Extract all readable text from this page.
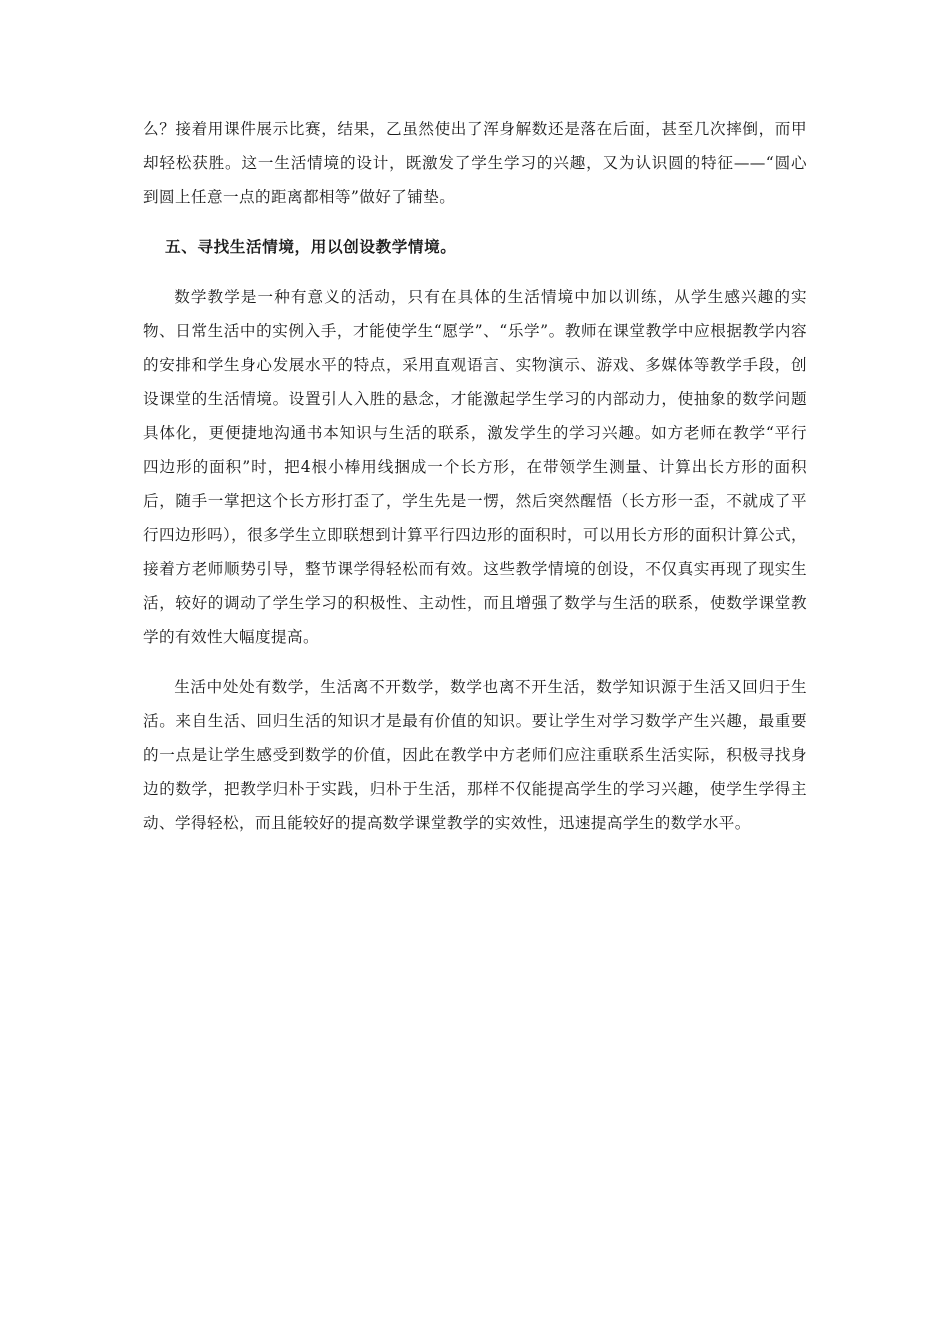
么？接着用课件展示比赛，结果，乙虽然使出了浑身解数还是落在后面，甚至几次摔倒，而甲却轻松获胜。这一生活情境的设计，既激发了学生学习的兴趣，又为认识圆的特征——“圆心到圆上任意一点的距离都相等”做好了铺垫。

五、寻找生活情境，用以创设教学情境。

数学教学是一种有意义的活动，只有在具体的生活情境中加以训练，从学生感兴趣的实物、日常生活中的实例入手，才能使学生“愿学”、“乐学”。教师在课堂教学中应根据教学内容的安排和学生身心发展水平的特点，采用直观语言、实物演示、游戏、多媒体等教学手段，创设课堂的生活情境。设置引人入胜的悬念，才能激起学生学习的内部动力，使抽象的数学问题具体化，更便捷地沟通书本知识与生活的联系，激发学生的学习兴趣。如方老师在教学“平行四边形的面积”时，把4根小棒用线捆成一个长方形，在带领学生测量、计算出长方形的面积后，随手一掌把这个长方形打歪了，学生先是一愣，然后突然醒悟（长方形一歪，不就成了平行四边形吗），很多学生立即联想到计算平行四边形的面积时，可以用长方形的面积计算公式，接着方老师顺势引导，整节课学得轻松而有效。这些教学情境的创设，不仅真实再现了现实生活，较好的调动了学生学习的积极性、主动性，而且增强了数学与生活的联系，使数学课堂教学的有效性大幅度提高。

生活中处处有数学，生活离不开数学，数学也离不开生活，数学知识源于生活又回归于生活。来自生活、回归生活的知识才是最有价值的知识。要让学生对学习数学产生兴趣，最重要的一点是让学生感受到数学的价值，因此在教学中方老师们应注重联系生活实际，积极寻找身边的数学，把教学归朴于实践，归朴于生活，那样不仅能提高学生的学习兴趣，使学生学得主动、学得轻松，而且能较好的提高数学课堂教学的实效性，迅速提高学生的数学水平。
